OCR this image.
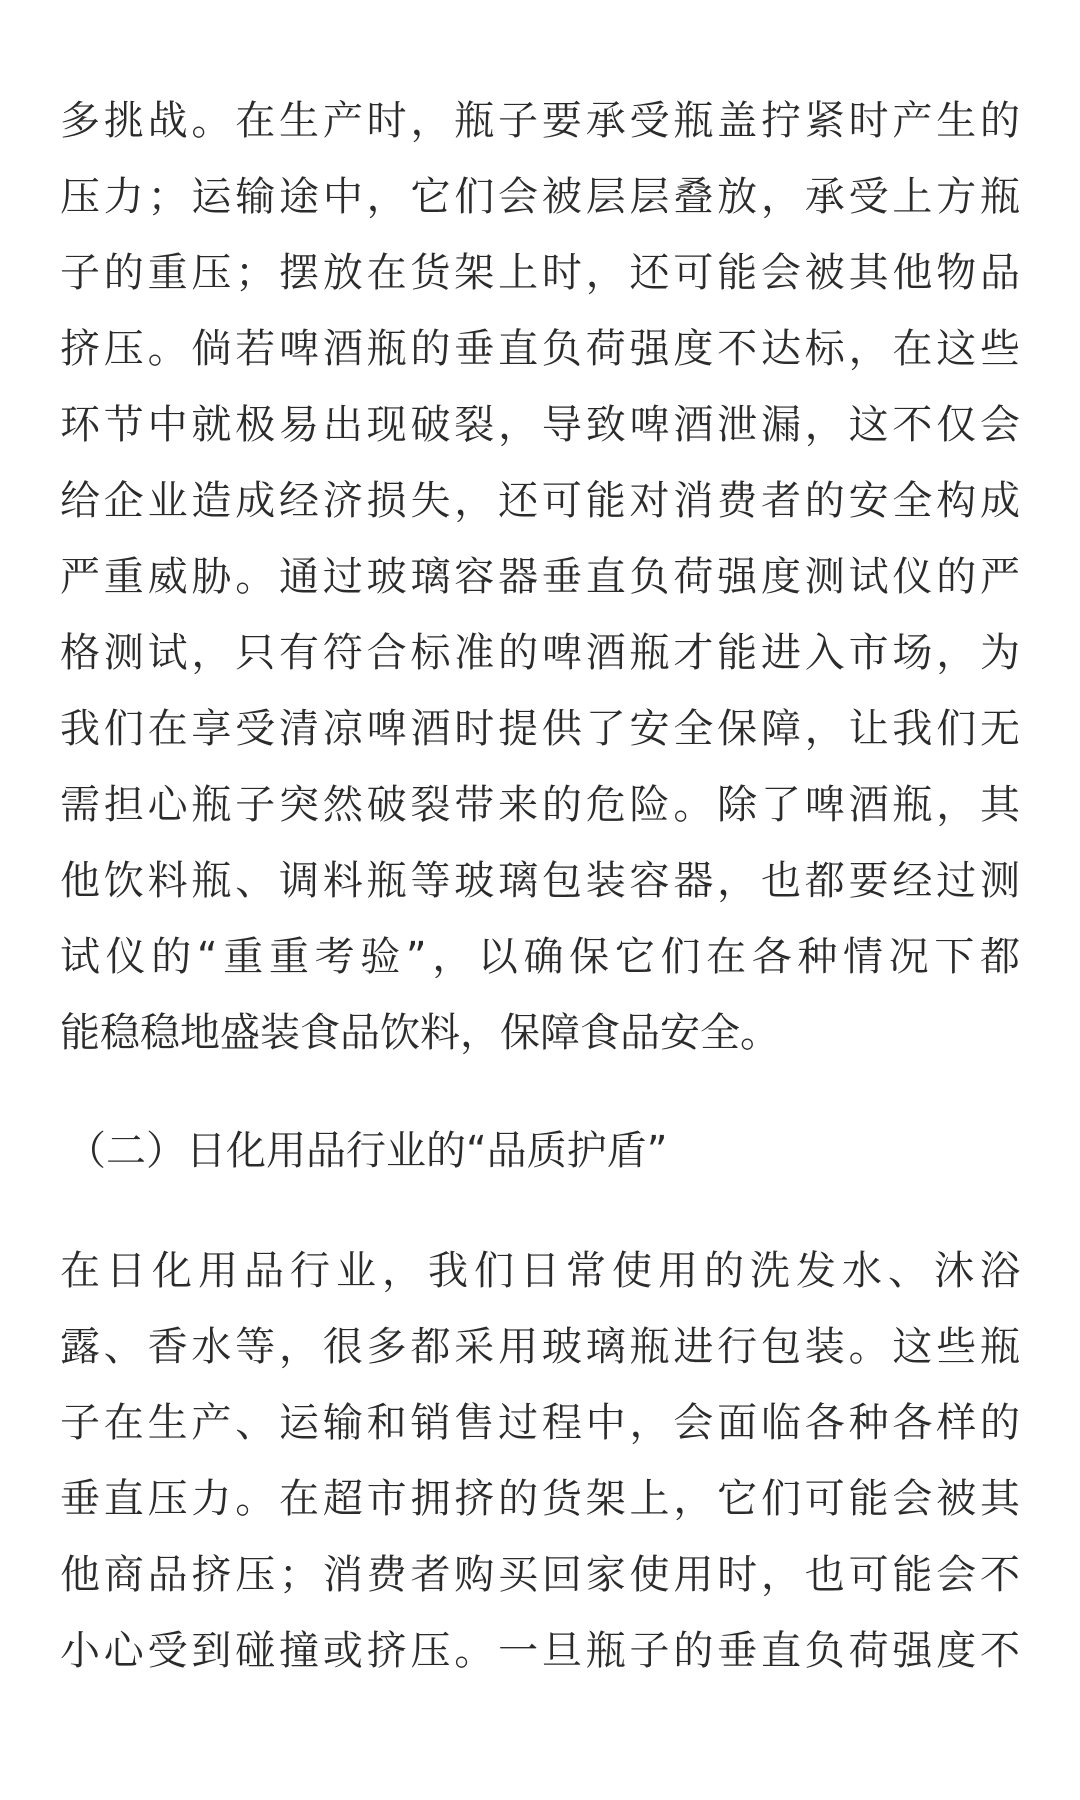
多挑战。在生产时，瓶子要承受瓶盖拧紧时产生的
压力；运输途中，它们会被层层叠放，承受上方瓶
子的重压；摆放在货架上时，还可能会被其他物品
挤压。倘若啤酒瓶的垂直负荷强度不达标，在这些
环节中就极易出现破裂，导致啤酒泄漏，这不仅会
给企业造成经济损失，还可能对消费者的安全构成
严重威胁。通过玻璃容器垂直负荷强度测试仪的严
格测试，只有符合标准的啤酒瓶才能进入市场，为
我们在享受清凉啤酒时提供了安全保障，让我们无
需担心瓶子突然破裂带来的危险。除了啤酒瓶，其
他饮料瓶、调料瓶等玻璃包装容器，也都要经过测
试仪的“重重考验”，以确保它们在各种情况下都
能稳稳地盛装食品饮料，保障食品安全。
（二）日化用品行业的“品质护盾”
在日化用品行业，我们日常使用的洗发水、沐浴
露、香水等，很多都采用玻璃瓶进行包装。这些瓶
子在生产、运输和销售过程中，会面临各种各样的
垂直压力。在超市拥挤的货架上，它们可能会被其
他商品挤压；消费者购买回家使用时，也可能会不
小心受到碰撞或挤压。一旦瓶子的垂直负荷强度不
